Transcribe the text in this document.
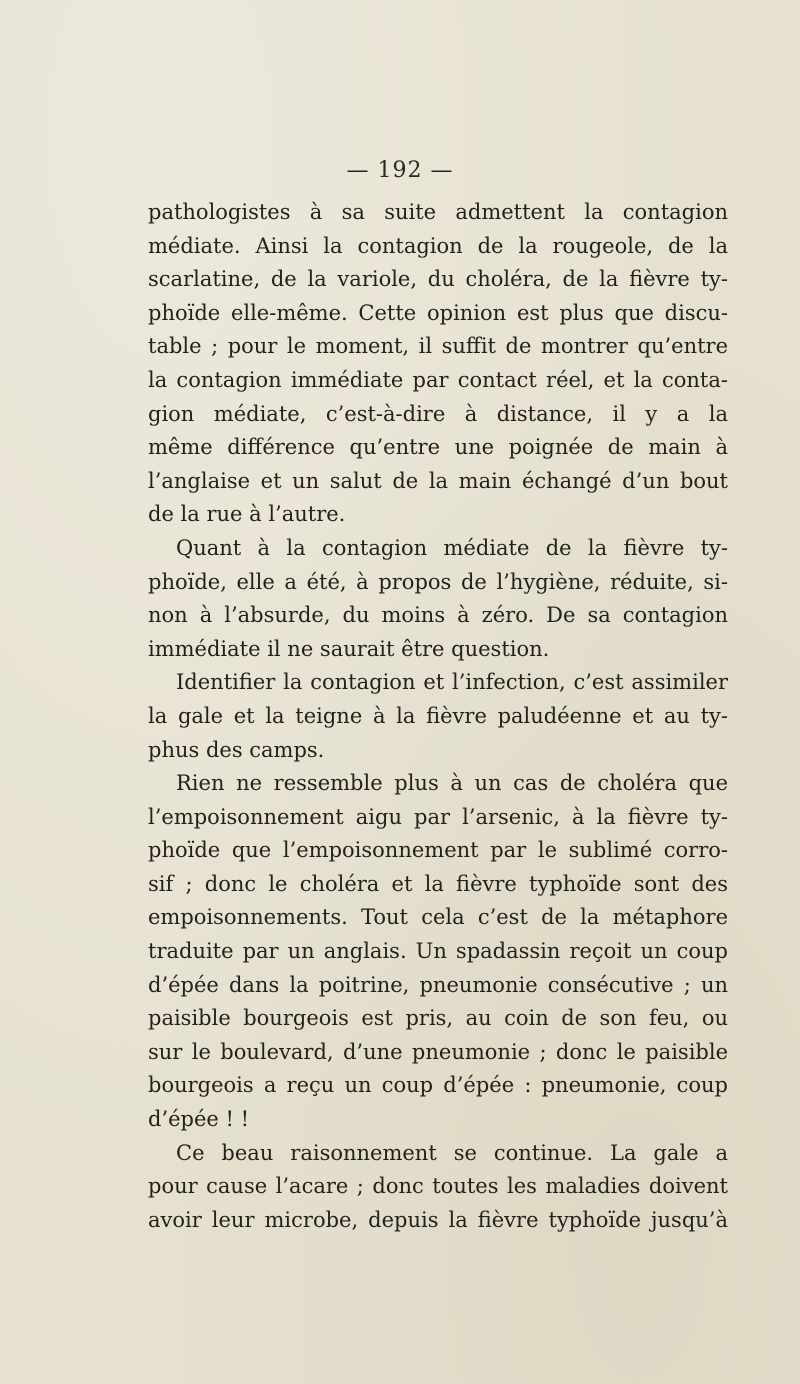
— 192 —

pathologistes à sa suite admettent la contagion
médiate. Ainsi la contagion de la rougeole, de la
scarlatine, de la variole, du choléra, de la fièvre ty-
phoïde elle-même. Cette opinion est plus que discu-
table ; pour le moment, il suffit de montrer qu’entre
la contagion immédiate par contact réel, et la conta-
gion médiate, c’est-à-dire à distance, il y a la
même différence qu’entre une poignée de main à
l’anglaise et un salut de la main échangé d’un bout
de la rue à l’autre.

Quant à la contagion médiate de la fièvre ty-
phoïde, elle a été, à propos de l’hygiène, réduite, si-
non à l’absurde, du moins à zéro. De sa contagion
immédiate il ne saurait être question.

Identifier la contagion et l’infection, c’est assimiler
la gale et la teigne à la fièvre paludéenne et au ty-
phus des camps.

Rien ne ressemble plus à un cas de choléra que
l’empoisonnement aigu par l’arsenic, à la fièvre ty-
phoïde que l’empoisonnement par le sublimé corro-
sif ; donc le choléra et la fièvre typhoïde sont des
empoisonnements. Tout cela c’est de la métaphore
traduite par un anglais. Un spadassin reçoit un coup
d’épée dans la poitrine, pneumonie consécutive ; un
paisible bourgeois est pris, au coin de son feu, ou
sur le boulevard, d’une pneumonie ; donc le paisible
bourgeois a reçu un coup d’épée : pneumonie, coup
d’épée ! !

Ce beau raisonnement se continue. La gale a
pour cause l’acare ; donc toutes les maladies doivent
avoir leur microbe, depuis la fièvre typhoïde jusqu’à
